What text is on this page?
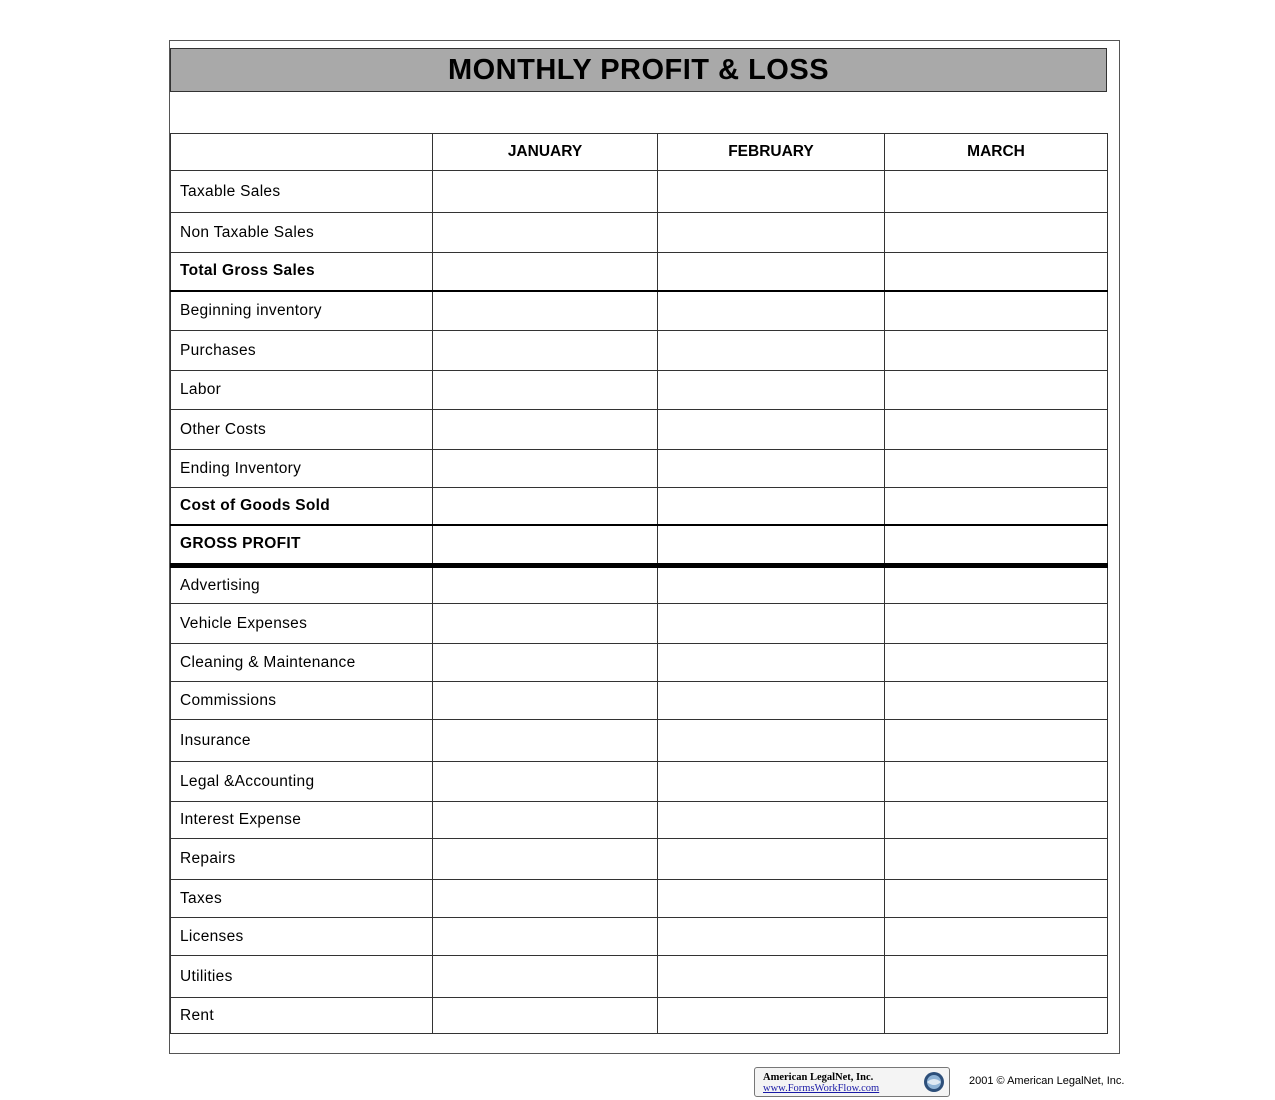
MONTHLY PROFIT & LOSS
	JANUARY	FEBRUARY	MARCH
Taxable Sales			
Non Taxable Sales			
Total Gross Sales			
Beginning inventory			
Purchases			
Labor			
Other Costs			
Ending Inventory			
Cost of Goods Sold			
GROSS PROFIT			
Advertising			
Vehicle Expenses			
Cleaning & Maintenance			
Commissions			
Insurance			
Legal &Accounting			
Interest Expense			
Repairs			
Taxes			
Licenses			
Utilities			
Rent			
American LegalNet, Inc.
www.FormsWorkFlow.com
2001 © American LegalNet, Inc.
